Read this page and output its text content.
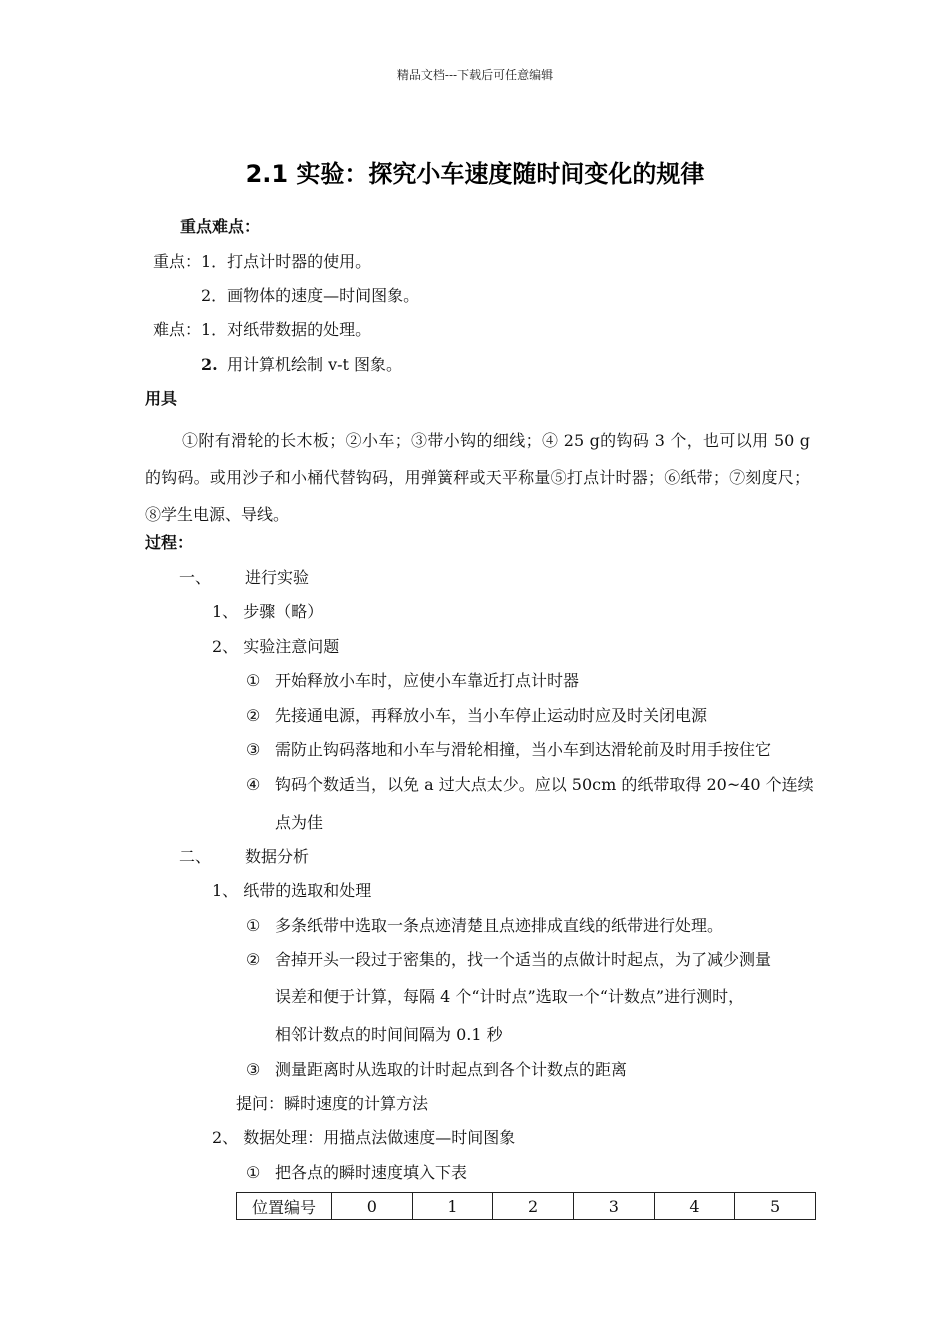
精品文档---下载后可任意编辑
2.1 实验：探究小车速度随时间变化的规律
重点难点：
重点： 1．打点计时器的使用。
2．画物体的速度—时间图象。
难点： 1．对纸带数据的处理。
2. 用计算机绘制 v-t 图象。
用具
①附有滑轮的长木板；②小车；③带小钩的细线；④ 25 g的钩码 3 个，也可以用 50 g 的钩码。或用沙子和小桶代替钩码，用弹簧秤或天平称量⑤打点计时器；⑥纸带；⑦刻度尺；⑧学生电源、导线。
过程：
一、 进行实验
1、 步骤（略）
2、 实验注意问题
① 开始释放小车时，应使小车靠近打点计时器
② 先接通电源，再释放小车，当小车停止运动时应及时关闭电源
③ 需防止钩码落地和小车与滑轮相撞，当小车到达滑轮前及时用手按住它
④ 钩码个数适当，以免 a 过大点太少。应以 50cm 的纸带取得 20~40 个连续
点为佳
二、 数据分析
1、 纸带的选取和处理
① 多条纸带中选取一条点迹清楚且点迹排成直线的纸带进行处理。
② 舍掉开头一段过于密集的，找一个适当的点做计时起点，为了减少测量
误差和便于计算，每隔 4 个“计时点”选取一个“计数点”进行测时，
相邻计数点的时间间隔为 0.1 秒
③ 测量距离时从选取的计时起点到各个计数点的距离
提问：瞬时速度的计算方法
2、 数据处理：用描点法做速度—时间图象
① 把各点的瞬时速度填入下表
位置编号	0	1	2	3	4	5
